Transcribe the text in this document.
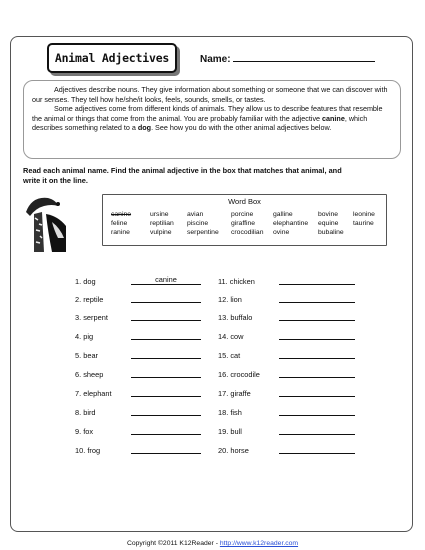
Animal Adjectives	Name:

Adjectives describe nouns. They give information about something or someone that we can discover with our senses. They tell how he/she/it looks, feels, sounds, smells, or tastes.

Some adjectives come from different kinds of animals. They allow us to describe features that resemble the animal or things that come from the animal. You are probably familiar with the adjective canine, which describes something related to a dog. See how you do with the other animal adjectives below.

Read each animal name. Find the animal adjective in the box that matches that animal, and write it on the line.
Word Box
canine
feline
ranine
ursine
reptilian
vulpine
avian
piscine
serpentine
porcine
giraffine
crocodilian
galline
elephantine
ovine
bovine
equine
bubaline
leonine
taurine
1. dog	canine
2. reptile
3. serpent
4. pig
5. bear
6. sheep
7. elephant
8. bird
9. fox
10. frog
11. chicken
12. lion
13. buffalo
14. cow
15. cat
16. crocodile
17. giraffe
18. fish
19. bull
20. horse
Copyright ©2011 K12Reader - http://www.k12reader.com
